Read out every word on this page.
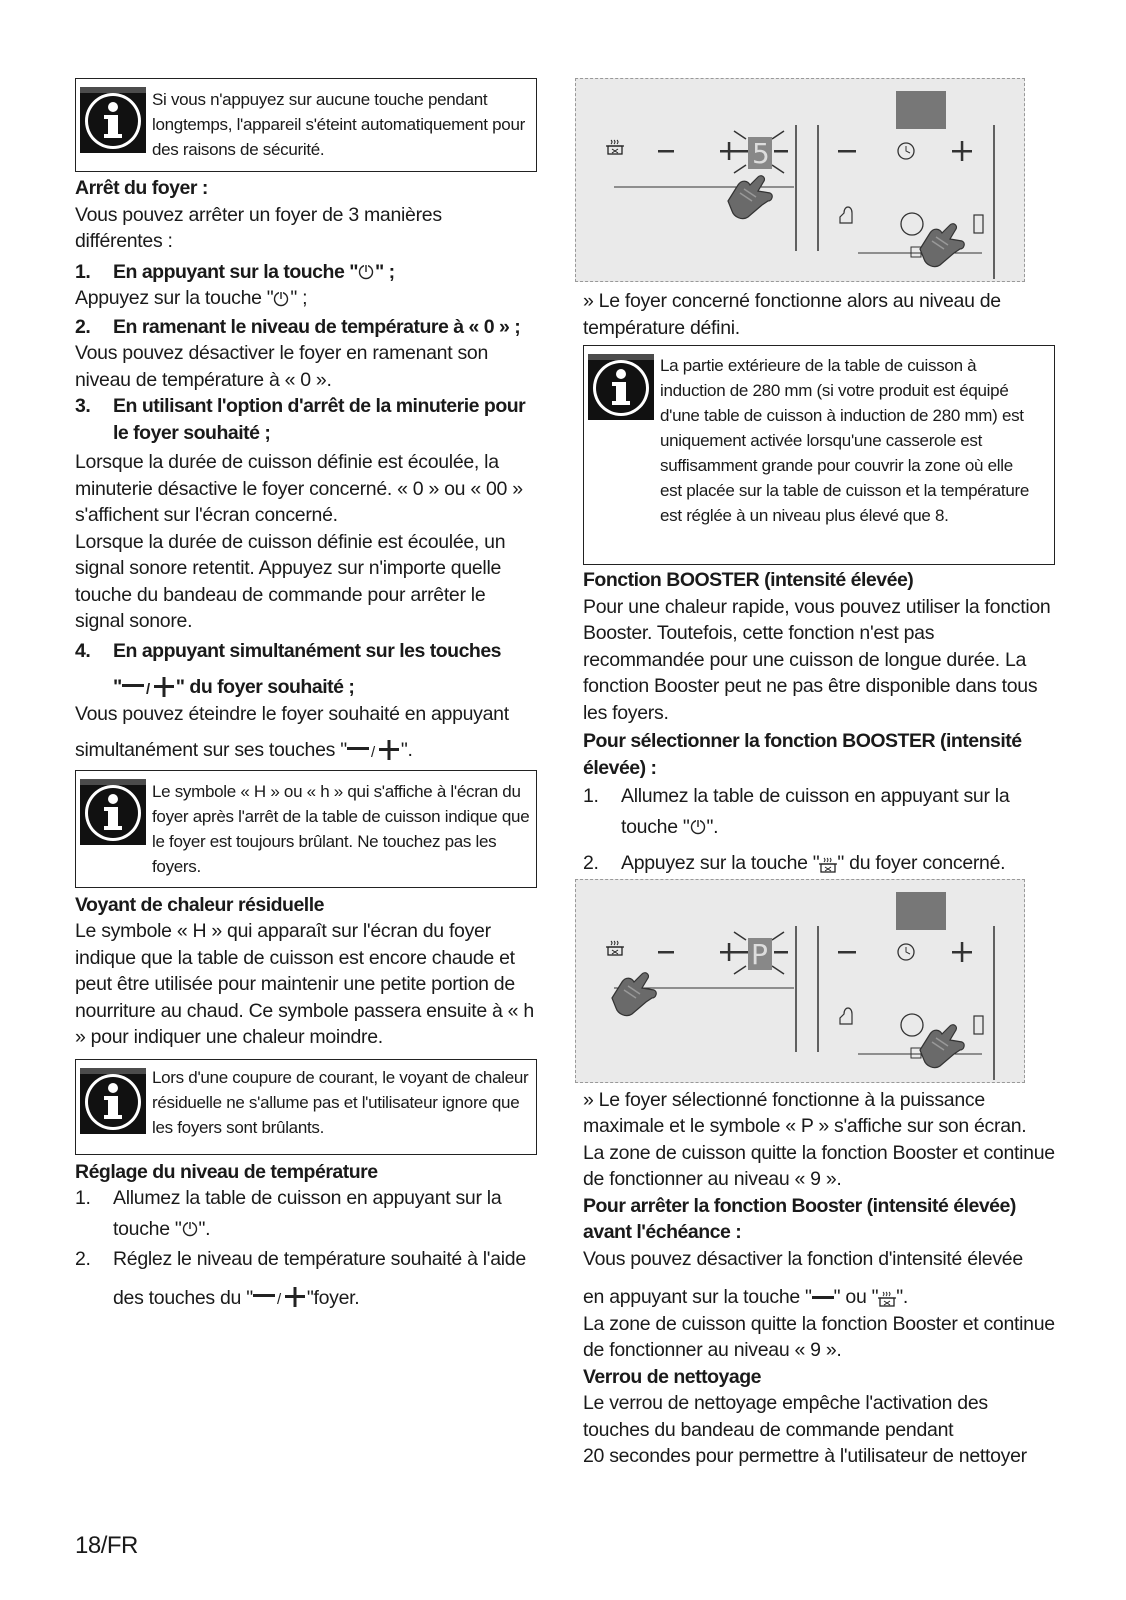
Si vous n'appuyez sur aucune touche pendant longtemps, l'appareil s'éteint automatiquement pour des raisons de sécurité.

Arrêt du foyer :

Vous pouvez arrêter un foyer de 3 manières différentes :

1. En appuyant sur la touche " " ;

Appuyez sur la touche " " ;

2. En ramenant le niveau de température à « 0 » ;

Vous pouvez désactiver le foyer en ramenant son niveau de température à « 0 ».

3. En utilisant l'option d'arrêt de la minuterie pour le foyer souhaité ;

Lorsque la durée de cuisson définie est écoulée, la minuterie désactive le foyer concerné. « 0 » ou « 00 » s'affichent sur l'écran concerné.

Lorsque la durée de cuisson définie est écoulée, un signal sonore retentit. Appuyez sur n'importe quelle touche du bandeau de commande pour arrêter le signal sonore.

4. En appuyant simultanément sur les touches

"	" du foyer souhaité ;

Vous pouvez éteindre le foyer souhaité en appuyant

simultanément sur ses touches "	".

Le symbole « H » ou « h » qui s'affiche à l'écran du foyer après l'arrêt de la table de cuisson indique que le foyer est toujours brûlant. Ne touchez pas les foyers.

Voyant de chaleur résiduelle

Le symbole « H » qui apparaît sur l'écran du foyer indique que la table de cuisson est encore chaude et peut être utilisée pour maintenir une petite portion de nourriture au chaud. Ce symbole passera ensuite à « h » pour indiquer une chaleur moindre.

Lors d'une coupure de courant, le voyant de chaleur résiduelle ne s'allume pas et l'utilisateur ignore que les foyers sont brûlants.

Réglage du niveau de température

1. Allumez la table de cuisson en appuyant sur la

touche " ".

2. Réglez le niveau de température souhaité à l'aide

des touches du "	"foyer.

5

» Le foyer concerné fonctionne alors au niveau de température défini.

La partie extérieure de la table de cuisson à induction de 280 mm (si votre produit est équipé d'une table de cuisson à induction de 280 mm) est uniquement activée lorsqu'une casserole est suffisamment grande pour couvrir la zone où elle est placée sur la table de cuisson et la température est réglée à un niveau plus élevé que 8.

Fonction BOOSTER (intensité élevée)

Pour une chaleur rapide, vous pouvez utiliser la fonction Booster. Toutefois, cette fonction n'est pas recommandée pour une cuisson de longue durée. La fonction Booster peut ne pas être disponible dans tous les foyers.

Pour sélectionner la fonction BOOSTER (intensité élevée) :

1. Allumez la table de cuisson en appuyant sur la

touche " ".

2. Appuyez sur la touche " " du foyer concerné.

P

» Le foyer sélectionné fonctionne à la puissance maximale et le symbole « P » s'affiche sur son écran.

La zone de cuisson quitte la fonction Booster et continue de fonctionner au niveau « 9 ».

Pour arrêter la fonction Booster (intensité élevée) avant l'échéance :

Vous pouvez désactiver la fonction d'intensité élevée

en appuyant sur la touche " " ou " ".

La zone de cuisson quitte la fonction Booster et continue de fonctionner au niveau « 9 ».

Verrou de nettoyage

Le verrou de nettoyage empêche l'activation des touches du bandeau de commande pendant

20 secondes pour permettre à l'utilisateur de nettoyer

18/FR
